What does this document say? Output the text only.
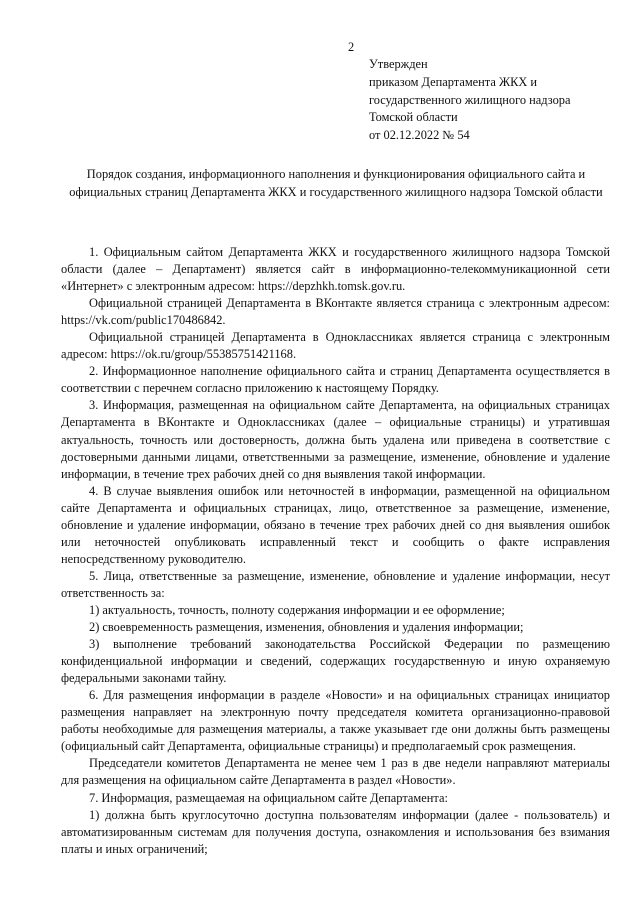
2
Утвержден
приказом Департамента ЖКХ и
государственного жилищного надзора
Томской области
от 02.12.2022 № 54
Порядок создания, информационного наполнения и функционирования официального сайта и официальных страниц Департамента ЖКХ и государственного жилищного надзора Томской области

1. Официальным сайтом Департамента ЖКХ и государственного жилищного надзора Томской области (далее – Департамент) является сайт в информационно-телекоммуникационной сети «Интернет» с электронным адресом: https://depzhkh.tomsk.gov.ru.

Официальной страницей Департамента в ВКонтакте является страница с электронным адресом: https://vk.com/public170486842.

Официальной страницей Департамента в Одноклассниках является страница с электронным адресом: https://ok.ru/group/55385751421168.

2. Информационное наполнение официального сайта и страниц Департамента осуществляется в соответствии с перечнем согласно приложению к настоящему Порядку.

3. Информация, размещенная на официальном сайте Департамента, на официальных страницах Департамента в ВКонтакте и Одноклассниках (далее – официальные страницы) и утратившая актуальность, точность или достоверность, должна быть удалена или приведена в соответствие с достоверными данными лицами, ответственными за размещение, изменение, обновление и удаление информации, в течение трех рабочих дней со дня выявления такой информации.

4. В случае выявления ошибок или неточностей в информации, размещенной на официальном сайте Департамента и официальных страницах, лицо, ответственное за размещение, изменение, обновление и удаление информации, обязано в течение трех рабочих дней со дня выявления ошибок или неточностей опубликовать исправленный текст и сообщить о факте исправления непосредственному руководителю.

5. Лица, ответственные за размещение, изменение, обновление и удаление информации, несут ответственность за:

1) актуальность, точность, полноту содержания информации и ее оформление;

2) своевременность размещения, изменения, обновления и удаления информации;

3) выполнение требований законодательства Российской Федерации по размещению конфиденциальной информации и сведений, содержащих государственную и иную охраняемую федеральными законами тайну.

6. Для размещения информации в разделе «Новости» и на официальных страницах инициатор размещения направляет на электронную почту председателя комитета организационно-правовой работы необходимые для размещения материалы, а также указывает где они должны быть размещены (официальный сайт Департамента, официальные страницы) и предполагаемый срок размещения.

Председатели комитетов Департамента не менее чем 1 раз в две недели направляют материалы для размещения на официальном сайте Департамента в раздел «Новости».

7. Информация, размещаемая на официальном сайте Департамента:

1) должна быть круглосуточно доступна пользователям информации (далее - пользователь) и автоматизированным системам для получения доступа, ознакомления и использования без взимания платы и иных ограничений;
